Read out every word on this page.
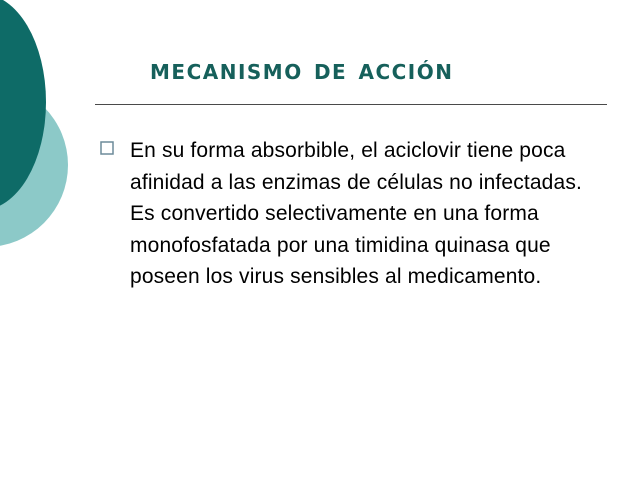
mecanismo de acción

En su forma absorbible, el aciclovir tiene poca afinidad a las enzimas de células no infectadas. Es convertido selectivamente en una forma monofosfatada por una timidina quinasa que poseen los virus sensibles al medicamento.
